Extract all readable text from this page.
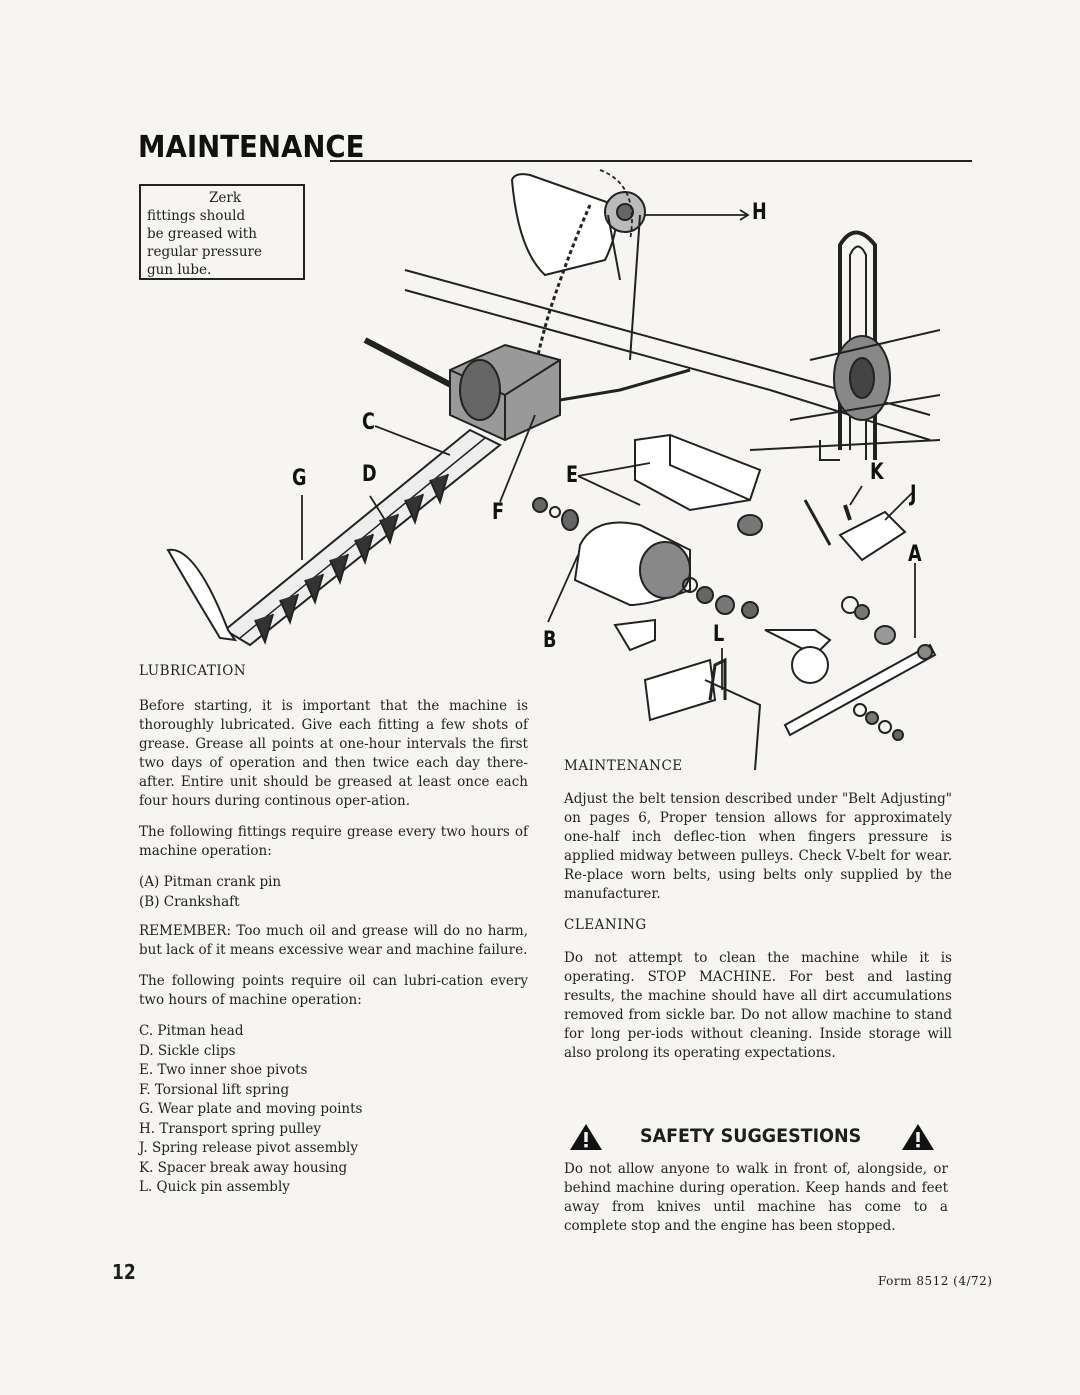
MAINTENANCE
Zerk
fittings should
be greased with
regular pressure
gun lube.
H
C
G	D	E
F
K
J
A
B	L

LUBRICATION

Before starting, it is important that the machine is thoroughly lubricated. Give each fitting a few shots of grease. Grease all points at one-hour intervals the first two days of operation and then twice each day there-after. Entire unit should be greased at least once each four hours during continous oper-ation.

The following fittings require grease every two hours of machine operation:

(A) Pitman crank pin
(B) Crankshaft

REMEMBER: Too much oil and grease will do no harm, but lack of it means excessive wear and machine failure.

The following points require oil can lubri-cation every two hours of machine operation:

C. Pitman head
D. Sickle clips
E. Two inner shoe pivots
F. Torsional lift spring
G. Wear plate and moving points
H. Transport spring pulley
J. Spring release pivot assembly
K. Spacer break away housing
L. Quick pin assembly

MAINTENANCE

Adjust the belt tension described under "Belt Adjusting" on pages 6, Proper tension allows for approximately one-half inch deflec-tion when fingers pressure is applied midway between pulleys. Check V-belt for wear. Re-place worn belts, using belts only supplied by the manufacturer.

CLEANING

Do not attempt to clean the machine while it is operating. STOP MACHINE. For best and lasting results, the machine should have all dirt accumulations removed from sickle bar. Do not allow machine to stand for long per-iods without cleaning. Inside storage will also prolong its operating expectations.

SAFETY SUGGESTIONS
Do not allow anyone to walk in front of, alongside, or behind machine during operation. Keep hands and feet away from knives until machine has come to a complete stop and the engine has been stopped.
12	Form 8512 (4/72)
